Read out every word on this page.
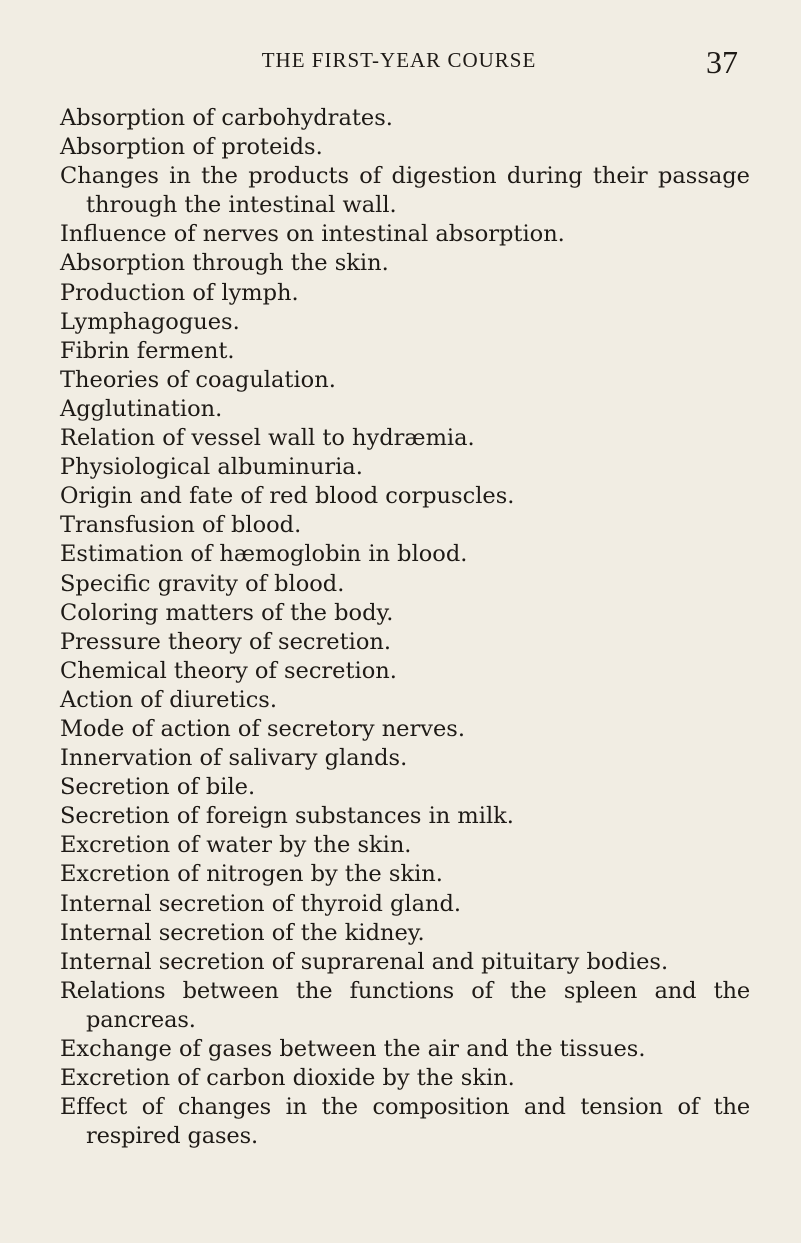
THE FIRST-YEAR COURSE	37
Absorption of carbohydrates.
Absorption of proteids.
Changes in the products of digestion during their passage through the intestinal wall.
Influence of nerves on intestinal absorption.
Absorption through the skin.
Production of lymph.
Lymphagogues.
Fibrin ferment.
Theories of coagulation.
Agglutination.
Relation of vessel wall to hydræmia.
Physiological albuminuria.
Origin and fate of red blood corpuscles.
Transfusion of blood.
Estimation of hæmoglobin in blood.
Specific gravity of blood.
Coloring matters of the body.
Pressure theory of secretion.
Chemical theory of secretion.
Action of diuretics.
Mode of action of secretory nerves.
Innervation of salivary glands.
Secretion of bile.
Secretion of foreign substances in milk.
Excretion of water by the skin.
Excretion of nitrogen by the skin.
Internal secretion of thyroid gland.
Internal secretion of the kidney.
Internal secretion of suprarenal and pituitary bodies.
Relations between the functions of the spleen and the pancreas.
Exchange of gases between the air and the tissues.
Excretion of carbon dioxide by the skin.
Effect of changes in the composition and tension of the respired gases.
